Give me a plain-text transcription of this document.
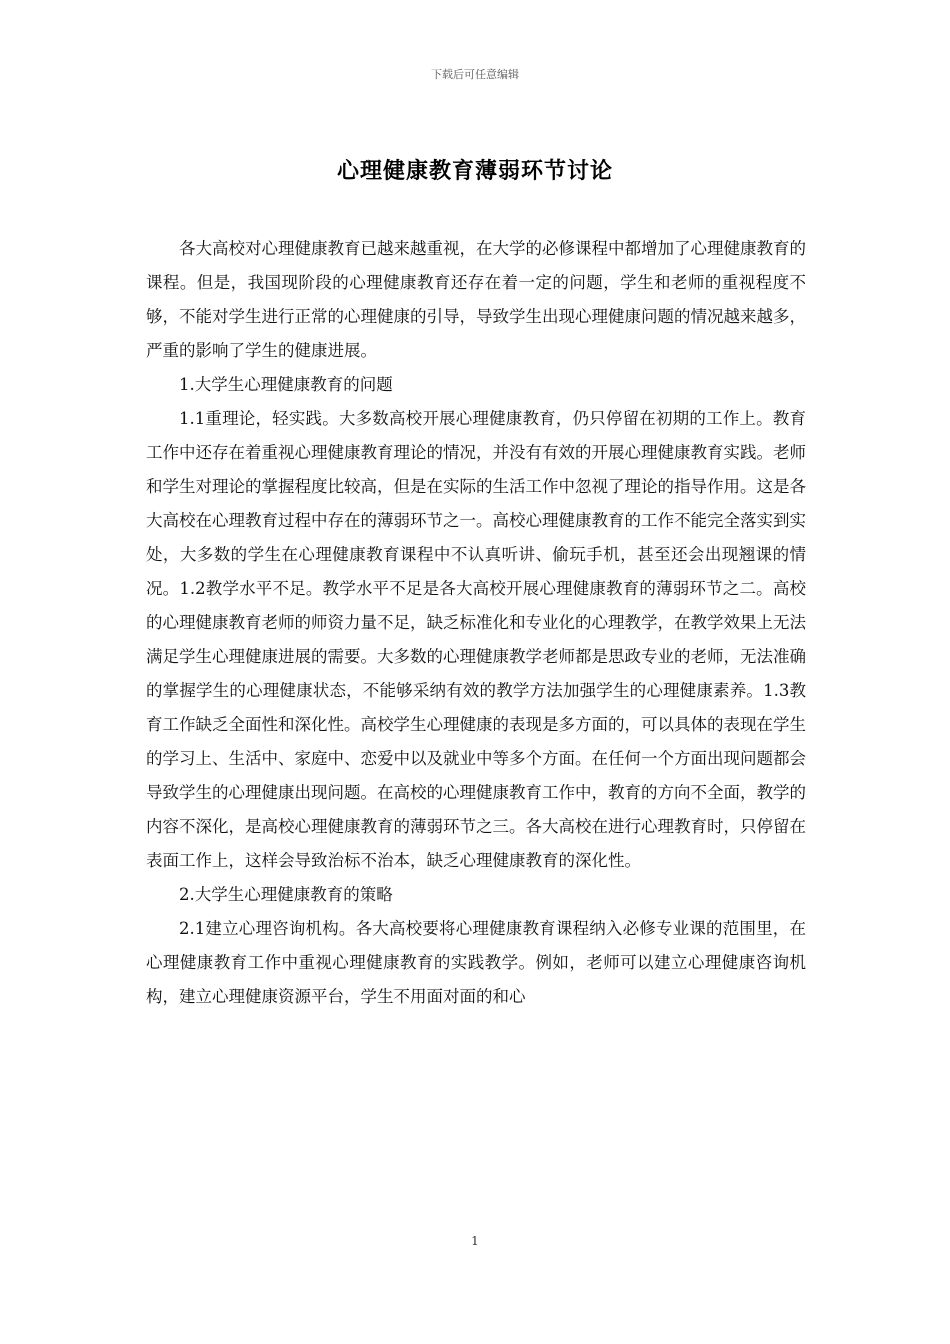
下载后可任意编辑
心理健康教育薄弱环节讨论

各大高校对心理健康教育已越来越重视，在大学的必修课程中都增加了心理健康教育的课程。但是，我国现阶段的心理健康教育还存在着一定的问题，学生和老师的重视程度不够，不能对学生进行正常的心理健康的引导，导致学生出现心理健康问题的情况越来越多，严重的影响了学生的健康进展。

1.大学生心理健康教育的问题

1.1重理论，轻实践。大多数高校开展心理健康教育，仍只停留在初期的工作上。教育工作中还存在着重视心理健康教育理论的情况，并没有有效的开展心理健康教育实践。老师和学生对理论的掌握程度比较高，但是在实际的生活工作中忽视了理论的指导作用。这是各大高校在心理教育过程中存在的薄弱环节之一。高校心理健康教育的工作不能完全落实到实处，大多数的学生在心理健康教育课程中不认真听讲、偷玩手机，甚至还会出现翘课的情况。1.2教学水平不足。教学水平不足是各大高校开展心理健康教育的薄弱环节之二。高校的心理健康教育老师的师资力量不足，缺乏标准化和专业化的心理教学，在教学效果上无法满足学生心理健康进展的需要。大多数的心理健康教学老师都是思政专业的老师，无法准确的掌握学生的心理健康状态，不能够采纳有效的教学方法加强学生的心理健康素养。1.3教育工作缺乏全面性和深化性。高校学生心理健康的表现是多方面的，可以具体的表现在学生的学习上、生活中、家庭中、恋爱中以及就业中等多个方面。在任何一个方面出现问题都会导致学生的心理健康出现问题。在高校的心理健康教育工作中，教育的方向不全面，教学的内容不深化，是高校心理健康教育的薄弱环节之三。各大高校在进行心理教育时，只停留在表面工作上，这样会导致治标不治本，缺乏心理健康教育的深化性。

2.大学生心理健康教育的策略

2.1建立心理咨询机构。各大高校要将心理健康教育课程纳入必修专业课的范围里，在心理健康教育工作中重视心理健康教育的实践教学。例如，老师可以建立心理健康咨询机构，建立心理健康资源平台，学生不用面对面的和心

1
